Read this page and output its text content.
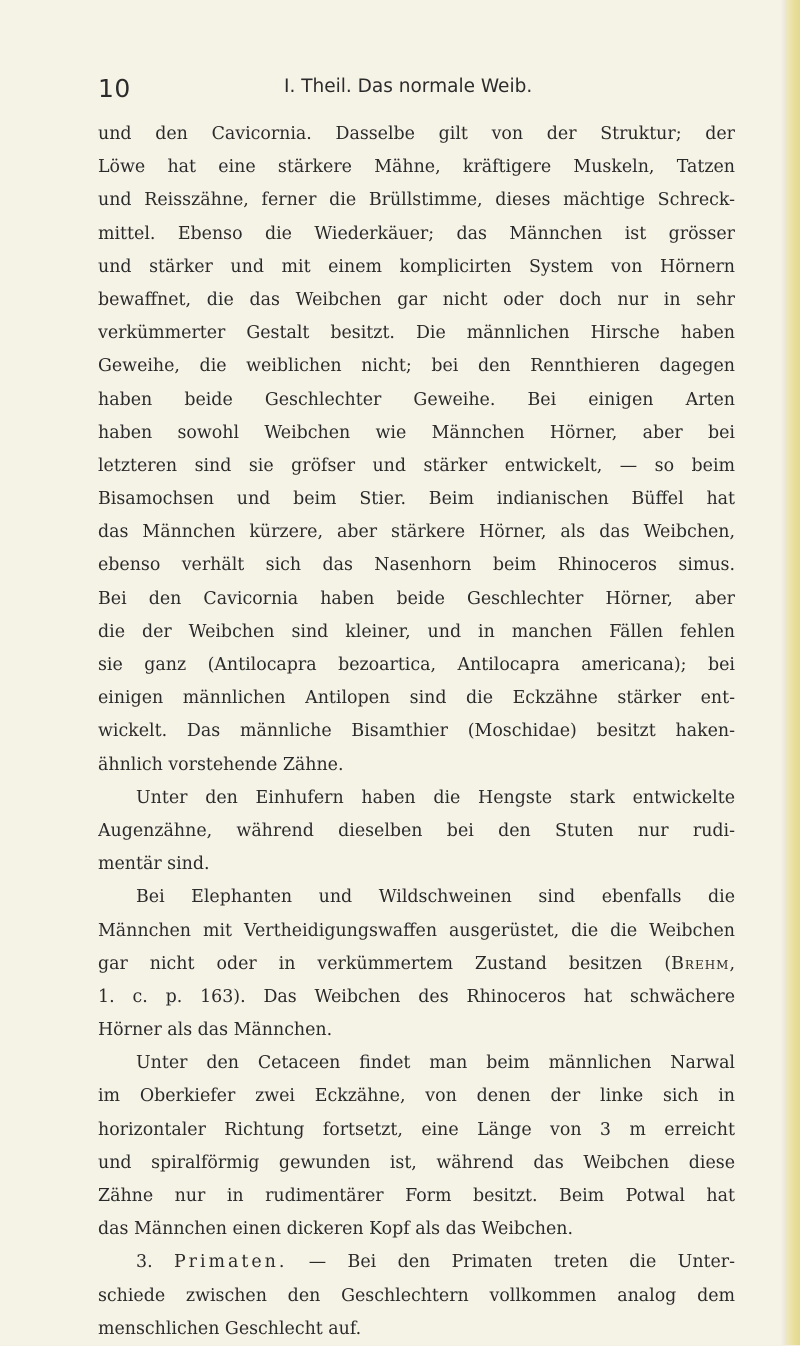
10	I. Theil. Das normale Weib.
und den Cavicornia. Dasselbe gilt von der Struktur; der
Löwe hat eine stärkere Mähne, kräftigere Muskeln, Tatzen
und Reisszähne, ferner die Brüllstimme, dieses mächtige Schreck-
mittel. Ebenso die Wiederkäuer; das Männchen ist grösser
und stärker und mit einem komplicirten System von Hörnern
bewaffnet, die das Weibchen gar nicht oder doch nur in sehr
verkümmerter Gestalt besitzt. Die männlichen Hirsche haben
Geweihe, die weiblichen nicht; bei den Rennthieren dagegen
haben beide Geschlechter Geweihe. Bei einigen Arten
haben sowohl Weibchen wie Männchen Hörner, aber bei
letzteren sind sie gröfser und stärker entwickelt, — so beim
Bisamochsen und beim Stier. Beim indianischen Büffel hat
das Männchen kürzere, aber stärkere Hörner, als das Weibchen,
ebenso verhält sich das Nasenhorn beim Rhinoceros simus.
Bei den Cavicornia haben beide Geschlechter Hörner, aber
die der Weibchen sind kleiner, und in manchen Fällen fehlen
sie ganz (Antilocapra bezoartica, Antilocapra americana); bei
einigen männlichen Antilopen sind die Eckzähne stärker ent-
wickelt. Das männliche Bisamthier (Moschidae) besitzt haken-
ähnlich vorstehende Zähne.
Unter den Einhufern haben die Hengste stark entwickelte
Augenzähne, während dieselben bei den Stuten nur rudi-
mentär sind.
Bei Elephanten und Wildschweinen sind ebenfalls die
Männchen mit Vertheidigungswaffen ausgerüstet, die die Weibchen
gar nicht oder in verkümmertem Zustand besitzen (Brehm,
1. c. p. 163). Das Weibchen des Rhinoceros hat schwächere
Hörner als das Männchen.
Unter den Cetaceen findet man beim männlichen Narwal
im Oberkiefer zwei Eckzähne, von denen der linke sich in
horizontaler Richtung fortsetzt, eine Länge von 3 m erreicht
und spiralförmig gewunden ist, während das Weibchen diese
Zähne nur in rudimentärer Form besitzt. Beim Potwal hat
das Männchen einen dickeren Kopf als das Weibchen.
3. Primaten. — Bei den Primaten treten die Unter-
schiede zwischen den Geschlechtern vollkommen analog dem
menschlichen Geschlecht auf.
